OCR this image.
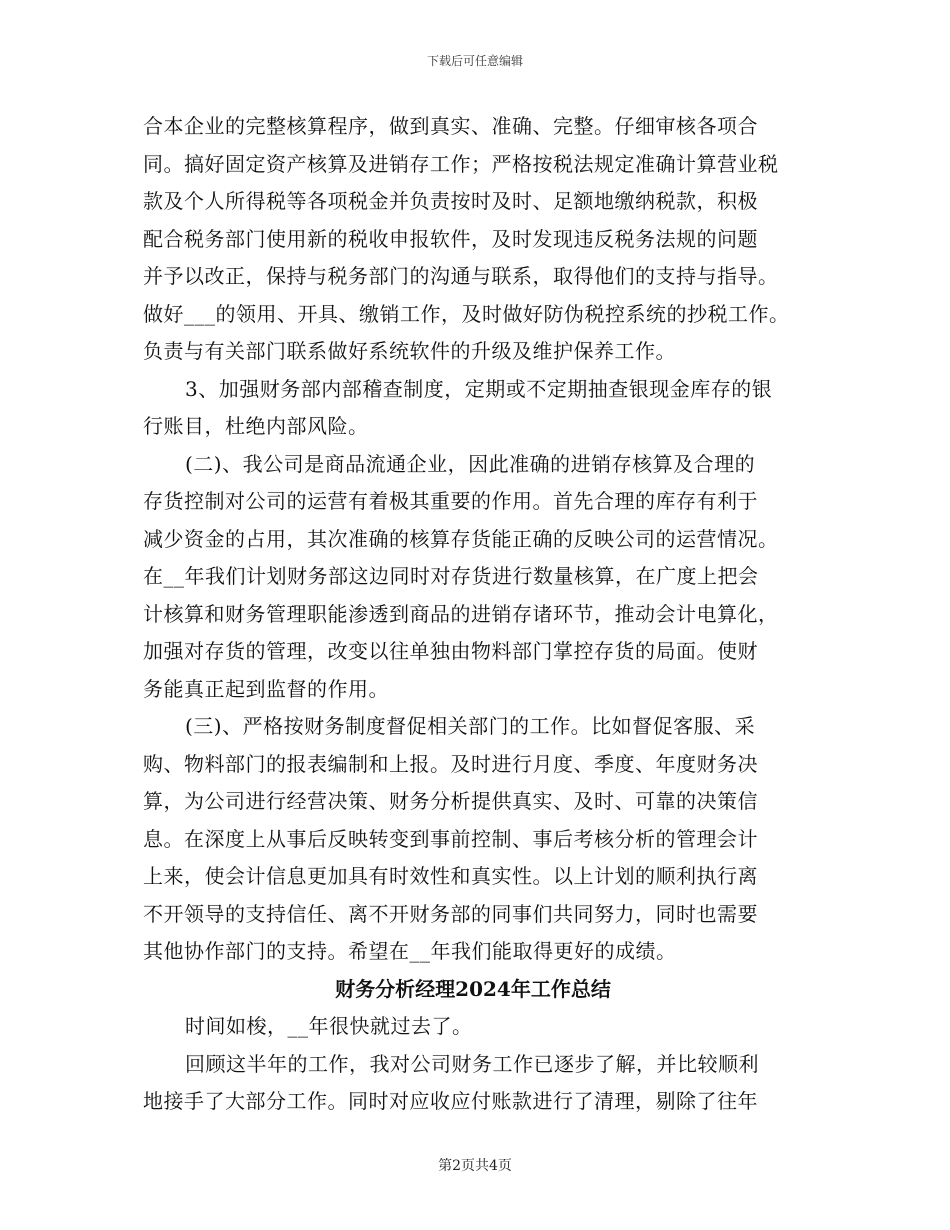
下载后可任意编辑
合本企业的完整核算程序，做到真实、准确、完整。仔细审核各项合
同。搞好固定资产核算及进销存工作；严格按税法规定准确计算营业税
款及个人所得税等各项税金并负责按时及时、足额地缴纳税款，积极
配合税务部门使用新的税收申报软件，及时发现违反税务法规的问题
并予以改正，保持与税务部门的沟通与联系，取得他们的支持与指导。
做好___的领用、开具、缴销工作，及时做好防伪税控系统的抄税工作。
负责与有关部门联系做好系统软件的升级及维护保养工作。
3、加强财务部内部稽查制度，定期或不定期抽查银现金库存的银
行账目，杜绝内部风险。
(二)、我公司是商品流通企业，因此准确的进销存核算及合理的
存货控制对公司的运营有着极其重要的作用。首先合理的库存有利于
减少资金的占用，其次准确的核算存货能正确的反映公司的运营情况。
在__年我们计划财务部这边同时对存货进行数量核算，在广度上把会
计核算和财务管理职能渗透到商品的进销存诸环节，推动会计电算化，
加强对存货的管理，改变以往单独由物料部门掌控存货的局面。使财
务能真正起到监督的作用。
(三)、严格按财务制度督促相关部门的工作。比如督促客服、采
购、物料部门的报表编制和上报。及时进行月度、季度、年度财务决
算，为公司进行经营决策、财务分析提供真实、及时、可靠的决策信
息。在深度上从事后反映转变到事前控制、事后考核分析的管理会计
上来，使会计信息更加具有时效性和真实性。以上计划的顺利执行离
不开领导的支持信任、离不开财务部的同事们共同努力，同时也需要
其他协作部门的支持。希望在__年我们能取得更好的成绩。
财务分析经理2024年工作总结
时间如梭，__年很快就过去了。
回顾这半年的工作，我对公司财务工作已逐步了解，并比较顺利
地接手了大部分工作。同时对应收应付账款进行了清理，剔除了往年
第2页共4页
